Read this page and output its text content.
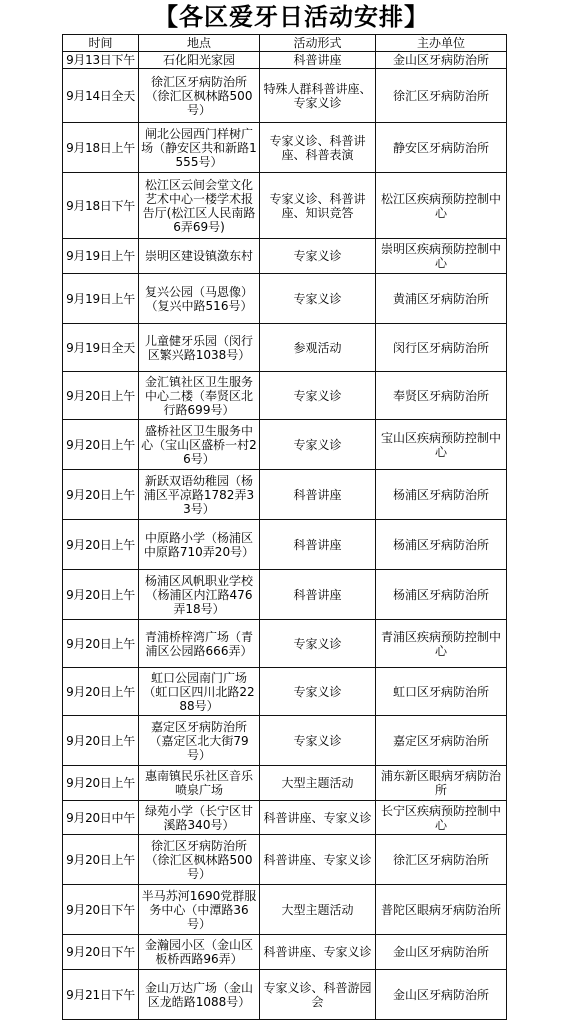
【各区爱牙日活动安排】
时间	地点	活动形式	主办单位
9月13日下午	石化阳光家园	科普讲座	金山区牙病防治所
9月14日全天	徐汇区牙病防治所（徐汇区枫林路500号）	特殊人群科普讲座、专家义诊	徐汇区牙病防治所
9月18日上午	闸北公园西门样树广场（静安区共和新路1555号）	专家义诊、科普讲座、科普表演	静安区牙病防治所
9月18日下午	松江区云间会堂文化艺术中心一楼学术报告厅(松江区人民南路6弄69号)	专家义诊、科普讲座、知识竞答	松江区疾病预防控制中心
9月19日上午	崇明区建设镇潋东村	专家义诊	崇明区疾病预防控制中心
9月19日上午	复兴公园（马恩像）（复兴中路516号）	专家义诊	黄浦区牙病防治所
9月19日全天	儿童健牙乐园（闵行区繁兴路1038号）	参观活动	闵行区牙病防治所
9月20日上午	金汇镇社区卫生服务中心二楼（奉贤区北行路699号）	专家义诊	奉贤区牙病防治所
9月20日上午	盛桥社区卫生服务中心（宝山区盛桥一村26号）	专家义诊	宝山区疾病预防控制中心
9月20日上午	新跃双语幼稚园（杨浦区平凉路1782弄33号）	科普讲座	杨浦区牙病防治所
9月20日上午	中原路小学（杨浦区中原路710弄20号）	科普讲座	杨浦区牙病防治所
9月20日上午	杨浦区风帆职业学校（杨浦区内江路476弄18号）	科普讲座	杨浦区牙病防治所
9月20日上午	青浦桥梓湾广场（青浦区公园路666弄）	专家义诊	青浦区疾病预防控制中心
9月20日上午	虹口公园南门广场（虹口区四川北路2288号）	专家义诊	虹口区牙病防治所
9月20日上午	嘉定区牙病防治所（嘉定区北大街79号）	专家义诊	嘉定区牙病防治所
9月20日上午	惠南镇民乐社区音乐喷泉广场	大型主题活动	浦东新区眼病牙病防治所
9月20日中午	绿苑小学（长宁区甘溪路340号）	科普讲座、专家义诊	长宁区疾病预防控制中心
9月20日上午	徐汇区牙病防治所（徐汇区枫林路500号）	科普讲座、专家义诊	徐汇区牙病防治所
9月20日下午	半马苏河1690党群服务中心（中潭路36号）	大型主题活动	普陀区眼病牙病防治所
9月20日下午	金瀚园小区（金山区板桥西路96弄）	科普讲座、专家义诊	金山区牙病防治所
9月21日下午	金山万达广场（金山区龙皓路1088号）	专家义诊、科普游园会	金山区牙病防治所
